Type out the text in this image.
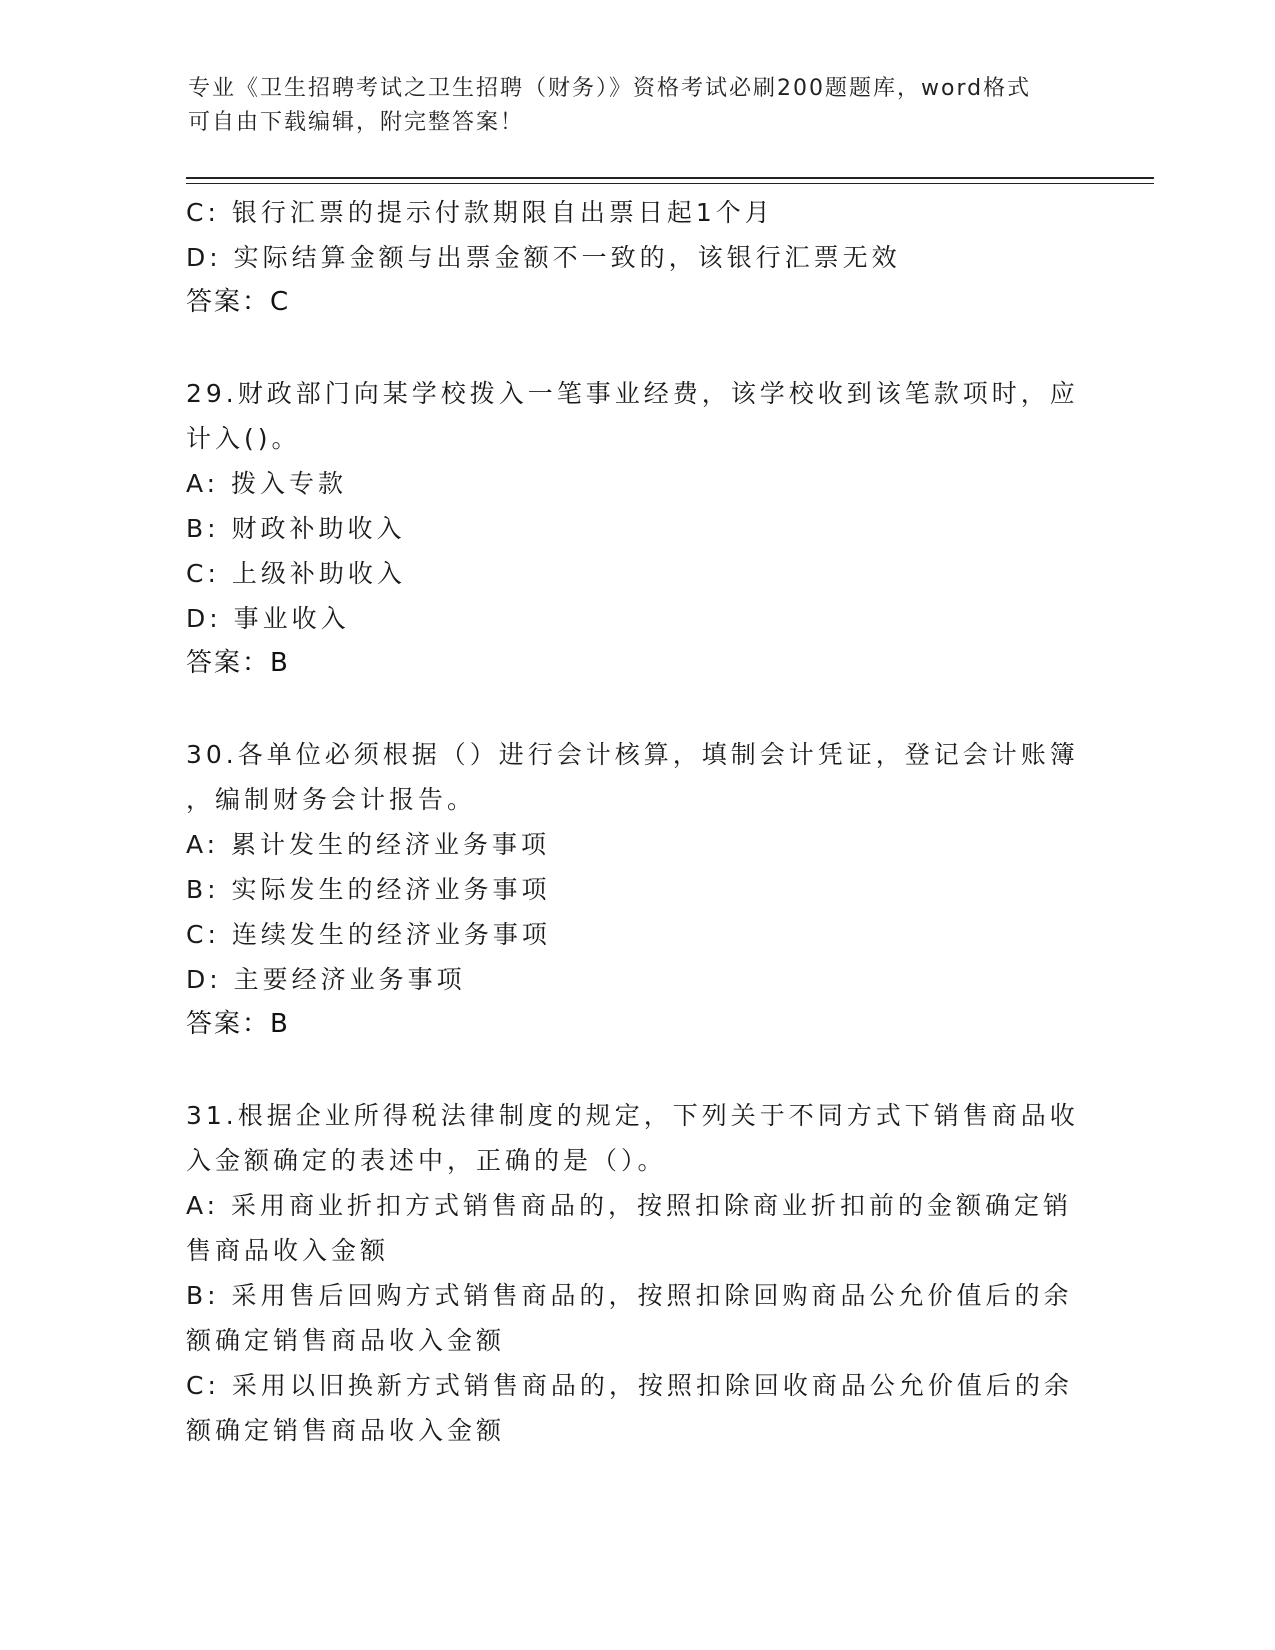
专业《卫生招聘考试之卫生招聘（财务）》资格考试必刷200题题库，word格式
可自由下载编辑，附完整答案！
C: 银行汇票的提示付款期限自出票日起1个月
D: 实际结算金额与出票金额不一致的，该银行汇票无效
答案：C
29.财政部门向某学校拨入一笔事业经费，该学校收到该笔款项时，应
计入()。
A: 拨入专款
B: 财政补助收入
C: 上级补助收入
D: 事业收入
答案：B
30.各单位必须根据（）进行会计核算，填制会计凭证，登记会计账簿
，编制财务会计报告。
A: 累计发生的经济业务事项
B: 实际发生的经济业务事项
C: 连续发生的经济业务事项
D: 主要经济业务事项
答案：B
31.根据企业所得税法律制度的规定，下列关于不同方式下销售商品收
入金额确定的表述中，正确的是（）。
A: 采用商业折扣方式销售商品的，按照扣除商业折扣前的金额确定销
售商品收入金额
B: 采用售后回购方式销售商品的，按照扣除回购商品公允价值后的余
额确定销售商品收入金额
C: 采用以旧换新方式销售商品的，按照扣除回收商品公允价值后的余
额确定销售商品收入金额
